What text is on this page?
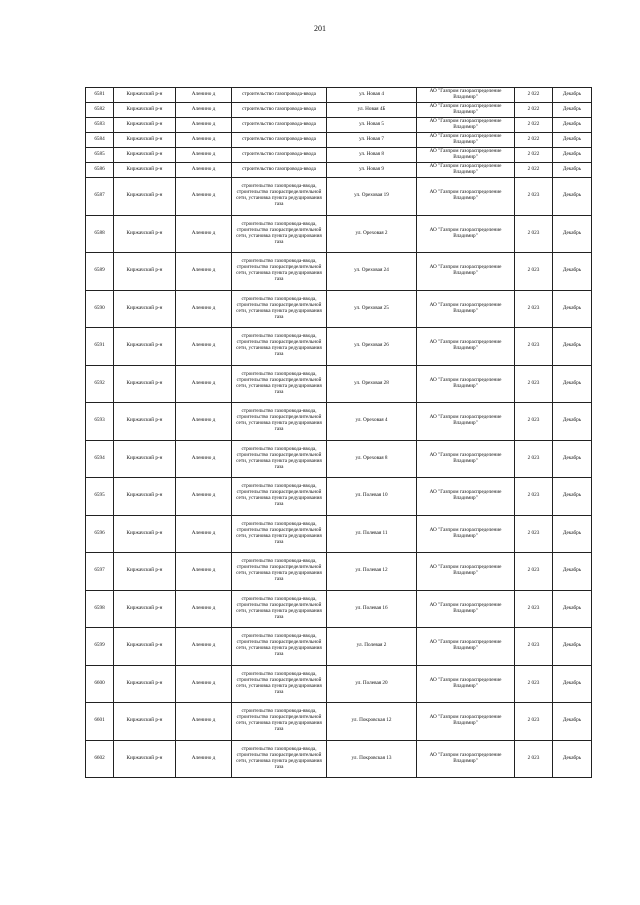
201
6581	Киржачский р-н	Аленино д	строительство газопровода-ввода	ул. Новая 4	АО "Газпром газораспределение Владимир"	2 022	Декабрь
6582	Киржачский р-н	Аленино д	строительство газопровода-ввода	ул. Новая 4Б	АО "Газпром газораспределение Владимир"	2 022	Декабрь
6583	Киржачский р-н	Аленино д	строительство газопровода-ввода	ул. Новая 5	АО "Газпром газораспределение Владимир"	2 022	Декабрь
6584	Киржачский р-н	Аленино д	строительство газопровода-ввода	ул. Новая 7	АО "Газпром газораспределение Владимир"	2 022	Декабрь
6585	Киржачский р-н	Аленино д	строительство газопровода-ввода	ул. Новая 8	АО "Газпром газораспределение Владимир"	2 022	Декабрь
6586	Киржачский р-н	Аленино д	строительство газопровода-ввода	ул. Новая 9	АО "Газпром газораспределение Владимир"	2 022	Декабрь
6587	Киржачский р-н	Аленино д	строительство газопровода-ввода, строительство газораспределительной сети, установка пункта редуцирования газа	ул. Ореховая 19	АО "Газпром газораспределение Владимир"	2 023	Декабрь
6588	Киржачский р-н	Аленино д	строительство газопровода-ввода, строительство газораспределительной сети, установка пункта редуцирования газа	ул. Ореховая 2	АО "Газпром газораспределение Владимир"	2 023	Декабрь
6589	Киржачский р-н	Аленино д	строительство газопровода-ввода, строительство газораспределительной сети, установка пункта редуцирования газа	ул. Ореховая 24	АО "Газпром газораспределение Владимир"	2 023	Декабрь
6590	Киржачский р-н	Аленино д	строительство газопровода-ввода, строительство газораспределительной сети, установка пункта редуцирования газа	ул. Ореховая 25	АО "Газпром газораспределение Владимир"	2 023	Декабрь
6591	Киржачский р-н	Аленино д	строительство газопровода-ввода, строительство газораспределительной сети, установка пункта редуцирования газа	ул. Ореховая 26	АО "Газпром газораспределение Владимир"	2 023	Декабрь
6592	Киржачский р-н	Аленино д	строительство газопровода-ввода, строительство газораспределительной сети, установка пункта редуцирования газа	ул. Ореховая 28	АО "Газпром газораспределение Владимир"	2 023	Декабрь
6593	Киржачский р-н	Аленино д	строительство газопровода-ввода, строительство газораспределительной сети, установка пункта редуцирования газа	ул. Ореховая 4	АО "Газпром газораспределение Владимир"	2 023	Декабрь
6594	Киржачский р-н	Аленино д	строительство газопровода-ввода, строительство газораспределительной сети, установка пункта редуцирования газа	ул. Ореховая 8	АО "Газпром газораспределение Владимир"	2 023	Декабрь
6595	Киржачский р-н	Аленино д	строительство газопровода-ввода, строительство газораспределительной сети, установка пункта редуцирования газа	ул. Полевая 10	АО "Газпром газораспределение Владимир"	2 023	Декабрь
6596	Киржачский р-н	Аленино д	строительство газопровода-ввода, строительство газораспределительной сети, установка пункта редуцирования газа	ул. Полевая 11	АО "Газпром газораспределение Владимир"	2 023	Декабрь
6597	Киржачский р-н	Аленино д	строительство газопровода-ввода, строительство газораспределительной сети, установка пункта редуцирования газа	ул. Полевая 12	АО "Газпром газораспределение Владимир"	2 023	Декабрь
6598	Киржачский р-н	Аленино д	строительство газопровода-ввода, строительство газораспределительной сети, установка пункта редуцирования газа	ул. Полевая 16	АО "Газпром газораспределение Владимир"	2 023	Декабрь
6599	Киржачский р-н	Аленино д	строительство газопровода-ввода, строительство газораспределительной сети, установка пункта редуцирования газа	ул. Полевая 2	АО "Газпром газораспределение Владимир"	2 023	Декабрь
6600	Киржачский р-н	Аленино д	строительство газопровода-ввода, строительство газораспределительной сети, установка пункта редуцирования газа	ул. Полевая 20	АО "Газпром газораспределение Владимир"	2 023	Декабрь
6601	Киржачский р-н	Аленино д	строительство газопровода-ввода, строительство газораспределительной сети, установка пункта редуцирования газа	ул. Покровская 12	АО "Газпром газораспределение Владимир"	2 023	Декабрь
6602	Киржачский р-н	Аленино д	строительство газопровода-ввода, строительство газораспределительной сети, установка пункта редуцирования газа	ул. Покровская 13	АО "Газпром газораспределение Владимир"	2 023	Декабрь
